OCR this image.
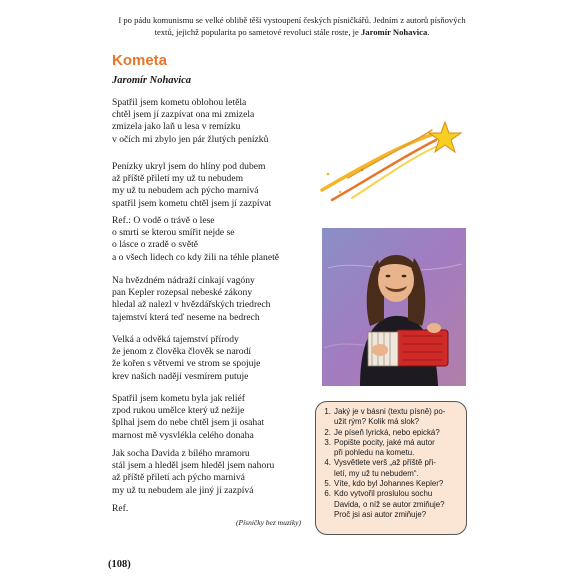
I po pádu komunismu se velké oblibě těší vystoupení českých písničkářů. Jedním z autorů písňových textů, jejichž popularita po sametové revoluci stále roste, je Jaromír Nohavica.
Kometa
Jaromír Nohavica
Spatřil jsem kometu oblohou letěla
chtěl jsem jí zazpívat ona mi zmizela
zmizela jako laň u lesa v remízku
v očích mi zbylo jen pár žlutých penízků
Penízky ukryl jsem do hlíny pod dubem
až příště přiletí my už tu nebudem
my už tu nebudem ach pýcho marnivá
spatřil jsem kometu chtěl jsem jí zazpívat
Ref.: O vodě o trávě o lese
o smrti se kterou smířit nejde se
o lásce o zradě o světě
a o všech lidech co kdy žili na téhle planetě
Na hvězdném nádraží cinkají vagóny
pan Kepler rozepsal nebeské zákony
hledal až nalezl v hvězdářských triedrech
tajemství která teď neseme na bedrech
Velká a odvěká tajemství přírody
že jenom z člověka člověk se narodí
že kořen s větvemi ve strom se spojuje
krev našich nadějí vesmírem putuje
Spatřil jsem kometu byla jak reliéf
zpod rukou umělce který už nežije
šplhal jsem do nebe chtěl jsem ji osahat
marnost mě vysvlékla celého donaha
Jak socha Davida z bílého mramoru
stál jsem a hleděl jsem hleděl jsem nahoru
až příště přiletí ach pýcho marnivá
my už tu nebudem ale jiný jí zazpívá
Ref.
(Písničky bez muziky)
1. Jaký je v básni (textu písně) po-
užit rým? Kolik má slok?
2. Je píseň lyrická, nebo epická?
3. Popište pocity, jaké má autor
při pohledu na kometu.
4. Vysvětlete verš „až příště při-
letí, my už tu nebudem“.
5. Víte, kdo byl Johannes Kepler?
6. Kdo vytvořil proslulou sochu
Davida, o níž se autor zmiňuje?
Proč jsi asi autor zmiňuje?
(108)
